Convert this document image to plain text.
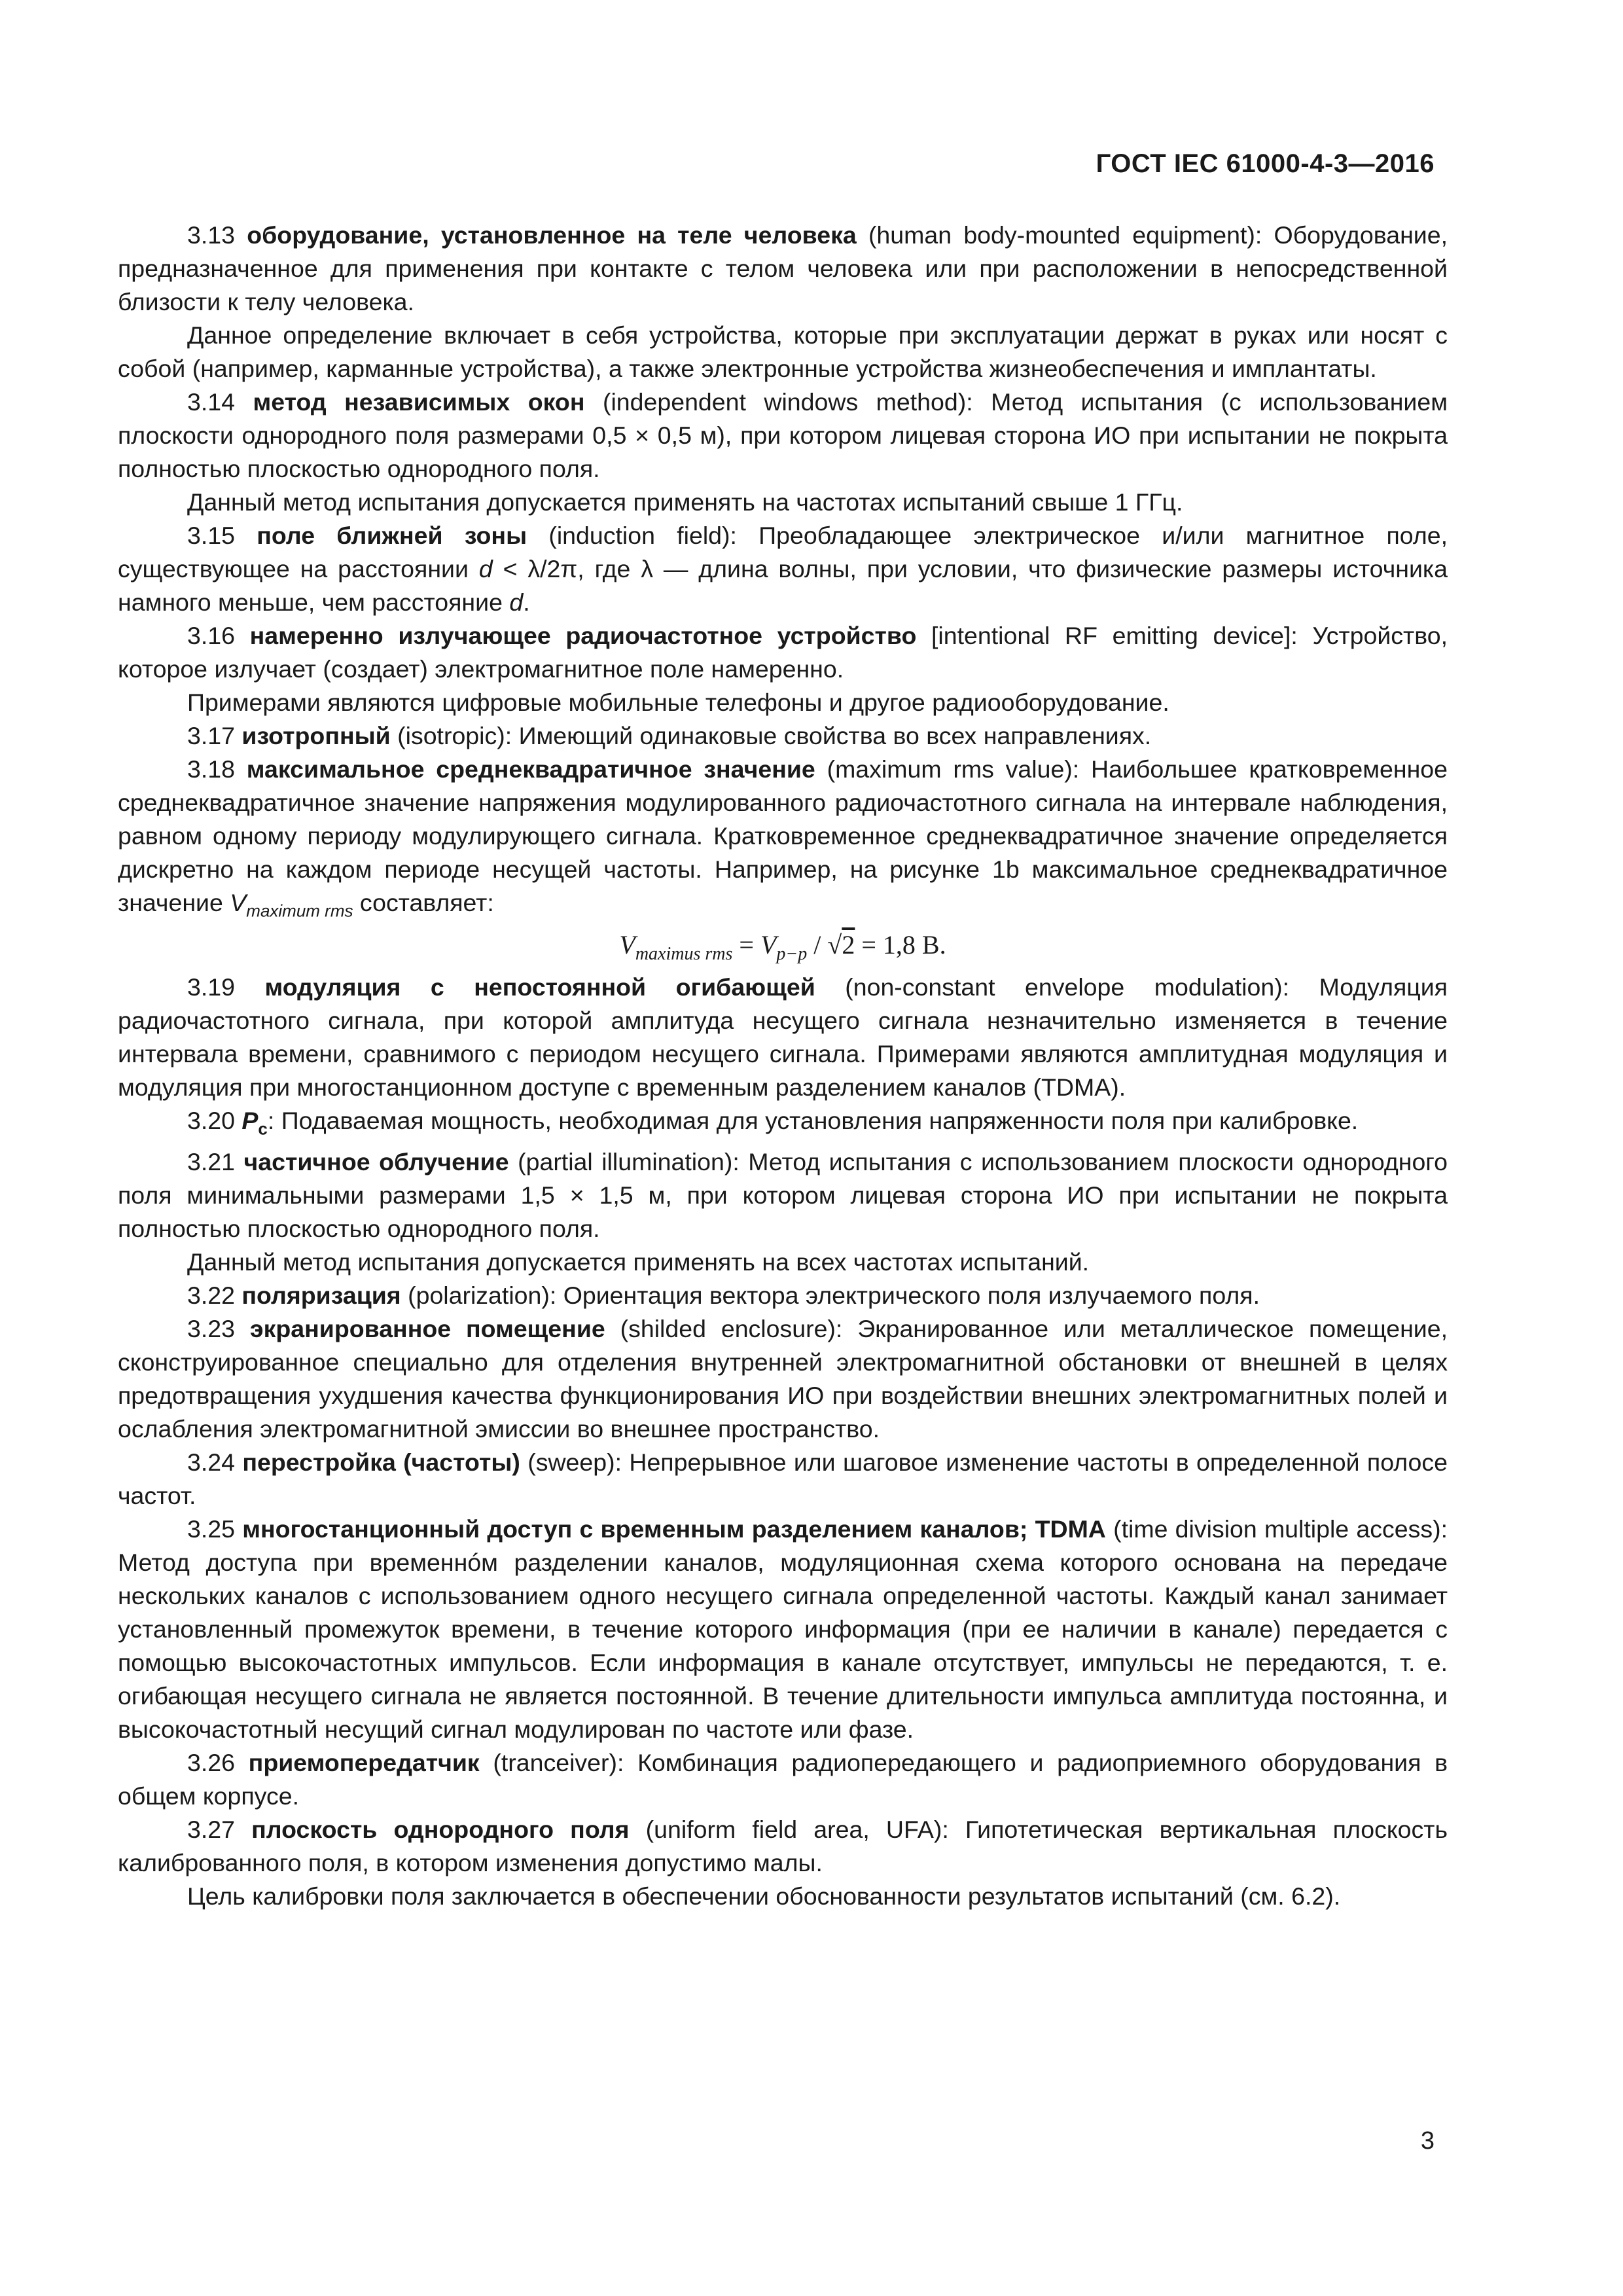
ГОСТ IEC 61000-4-3—2016

3.13 оборудование, установленное на теле человека (human body-mounted equipment): Оборудование, предназначенное для применения при контакте с телом человека или при расположении в непосредственной близости к телу человека.

Данное определение включает в себя устройства, которые при эксплуатации держат в руках или носят с собой (например, карманные устройства), а также электронные устройства жизнеобеспечения и имплантаты.

3.14 метод независимых окон (independent windows method): Метод испытания (с использованием плоскости однородного поля размерами 0,5 × 0,5 м), при котором лицевая сторона ИО при испытании не покрыта полностью плоскостью однородного поля.

Данный метод испытания допускается применять на частотах испытаний свыше 1 ГГц.

3.15 поле ближней зоны (induction field): Преобладающее электрическое и/или магнитное поле, существующее на расстоянии d < λ/2π, где λ — длина волны, при условии, что физические размеры источника намного меньше, чем расстояние d.

3.16 намеренно излучающее радиочастотное устройство [intentional RF emitting device]: Устройство, которое излучает (создает) электромагнитное поле намеренно.

Примерами являются цифровые мобильные телефоны и другое радиооборудование.

3.17 изотропный (isotropic): Имеющий одинаковые свойства во всех направлениях.

3.18 максимальное среднеквадратичное значение (maximum rms value): Наибольшее кратковременное среднеквадратичное значение напряжения модулированного радиочастотного сигнала на интервале наблюдения, равном одному периоду модулирующего сигнала. Кратковременное среднеквадратичное значение определяется дискретно на каждом периоде несущей частоты. Например, на рисунке 1b максимальное среднеквадратичное значение $V_{maximum rms}$ составляет:

$V_{maximus rms} = V_{p-p} / √2 = 1,8$ В.

3.19 модуляция с непостоянной огибающей (non-constant envelope modulation): Модуляция радиочастотного сигнала, при которой амплитуда несущего сигнала незначительно изменяется в течение интервала времени, сравнимого с периодом несущего сигнала. Примерами являются амплитудная модуляция и модуляция при многостанционном доступе с временным разделением каналов (TDMA).

3.20 $P_c$: Подаваемая мощность, необходимая для установления напряженности поля при калибровке.

3.21 частичное облучение (partial illumination): Метод испытания с использованием плоскости однородного поля минимальными размерами 1,5 × 1,5 м, при котором лицевая сторона ИО при испытании не покрыта полностью плоскостью однородного поля.

Данный метод испытания допускается применять на всех частотах испытаний.

3.22 поляризация (polarization): Ориентация вектора электрического поля излучаемого поля.

3.23 экранированное помещение (shilded enclosure): Экранированное или металлическое помещение, сконструированное специально для отделения внутренней электромагнитной обстановки от внешней в целях предотвращения ухудшения качества функционирования ИО при воздействии внешних электромагнитных полей и ослабления электромагнитной эмиссии во внешнее пространство.

3.24 перестройка (частоты) (sweep): Непрерывное или шаговое изменение частоты в определенной полосе частот.

3.25 многостанционный доступ с временным разделением каналов; TDMA (time division multiple access): Метод доступа при временнóм разделении каналов, модуляционная схема которого основана на передаче нескольких каналов с использованием одного несущего сигнала определенной частоты. Каждый канал занимает установленный промежуток времени, в течение которого информация (при ее наличии в канале) передается с помощью высокочастотных импульсов. Если информация в канале отсутствует, импульсы не передаются, т. е. огибающая несущего сигнала не является постоянной. В течение длительности импульса амплитуда постоянна, и высокочастотный несущий сигнал модулирован по частоте или фазе.

3.26 приемопередатчик (tranceiver): Комбинация радиопередающего и радиоприемного оборудования в общем корпусе.

3.27 плоскость однородного поля (uniform field area, UFA): Гипотетическая вертикальная плоскость калиброванного поля, в котором изменения допустимо малы.

Цель калибровки поля заключается в обеспечении обоснованности результатов испытаний (см. 6.2).

3
